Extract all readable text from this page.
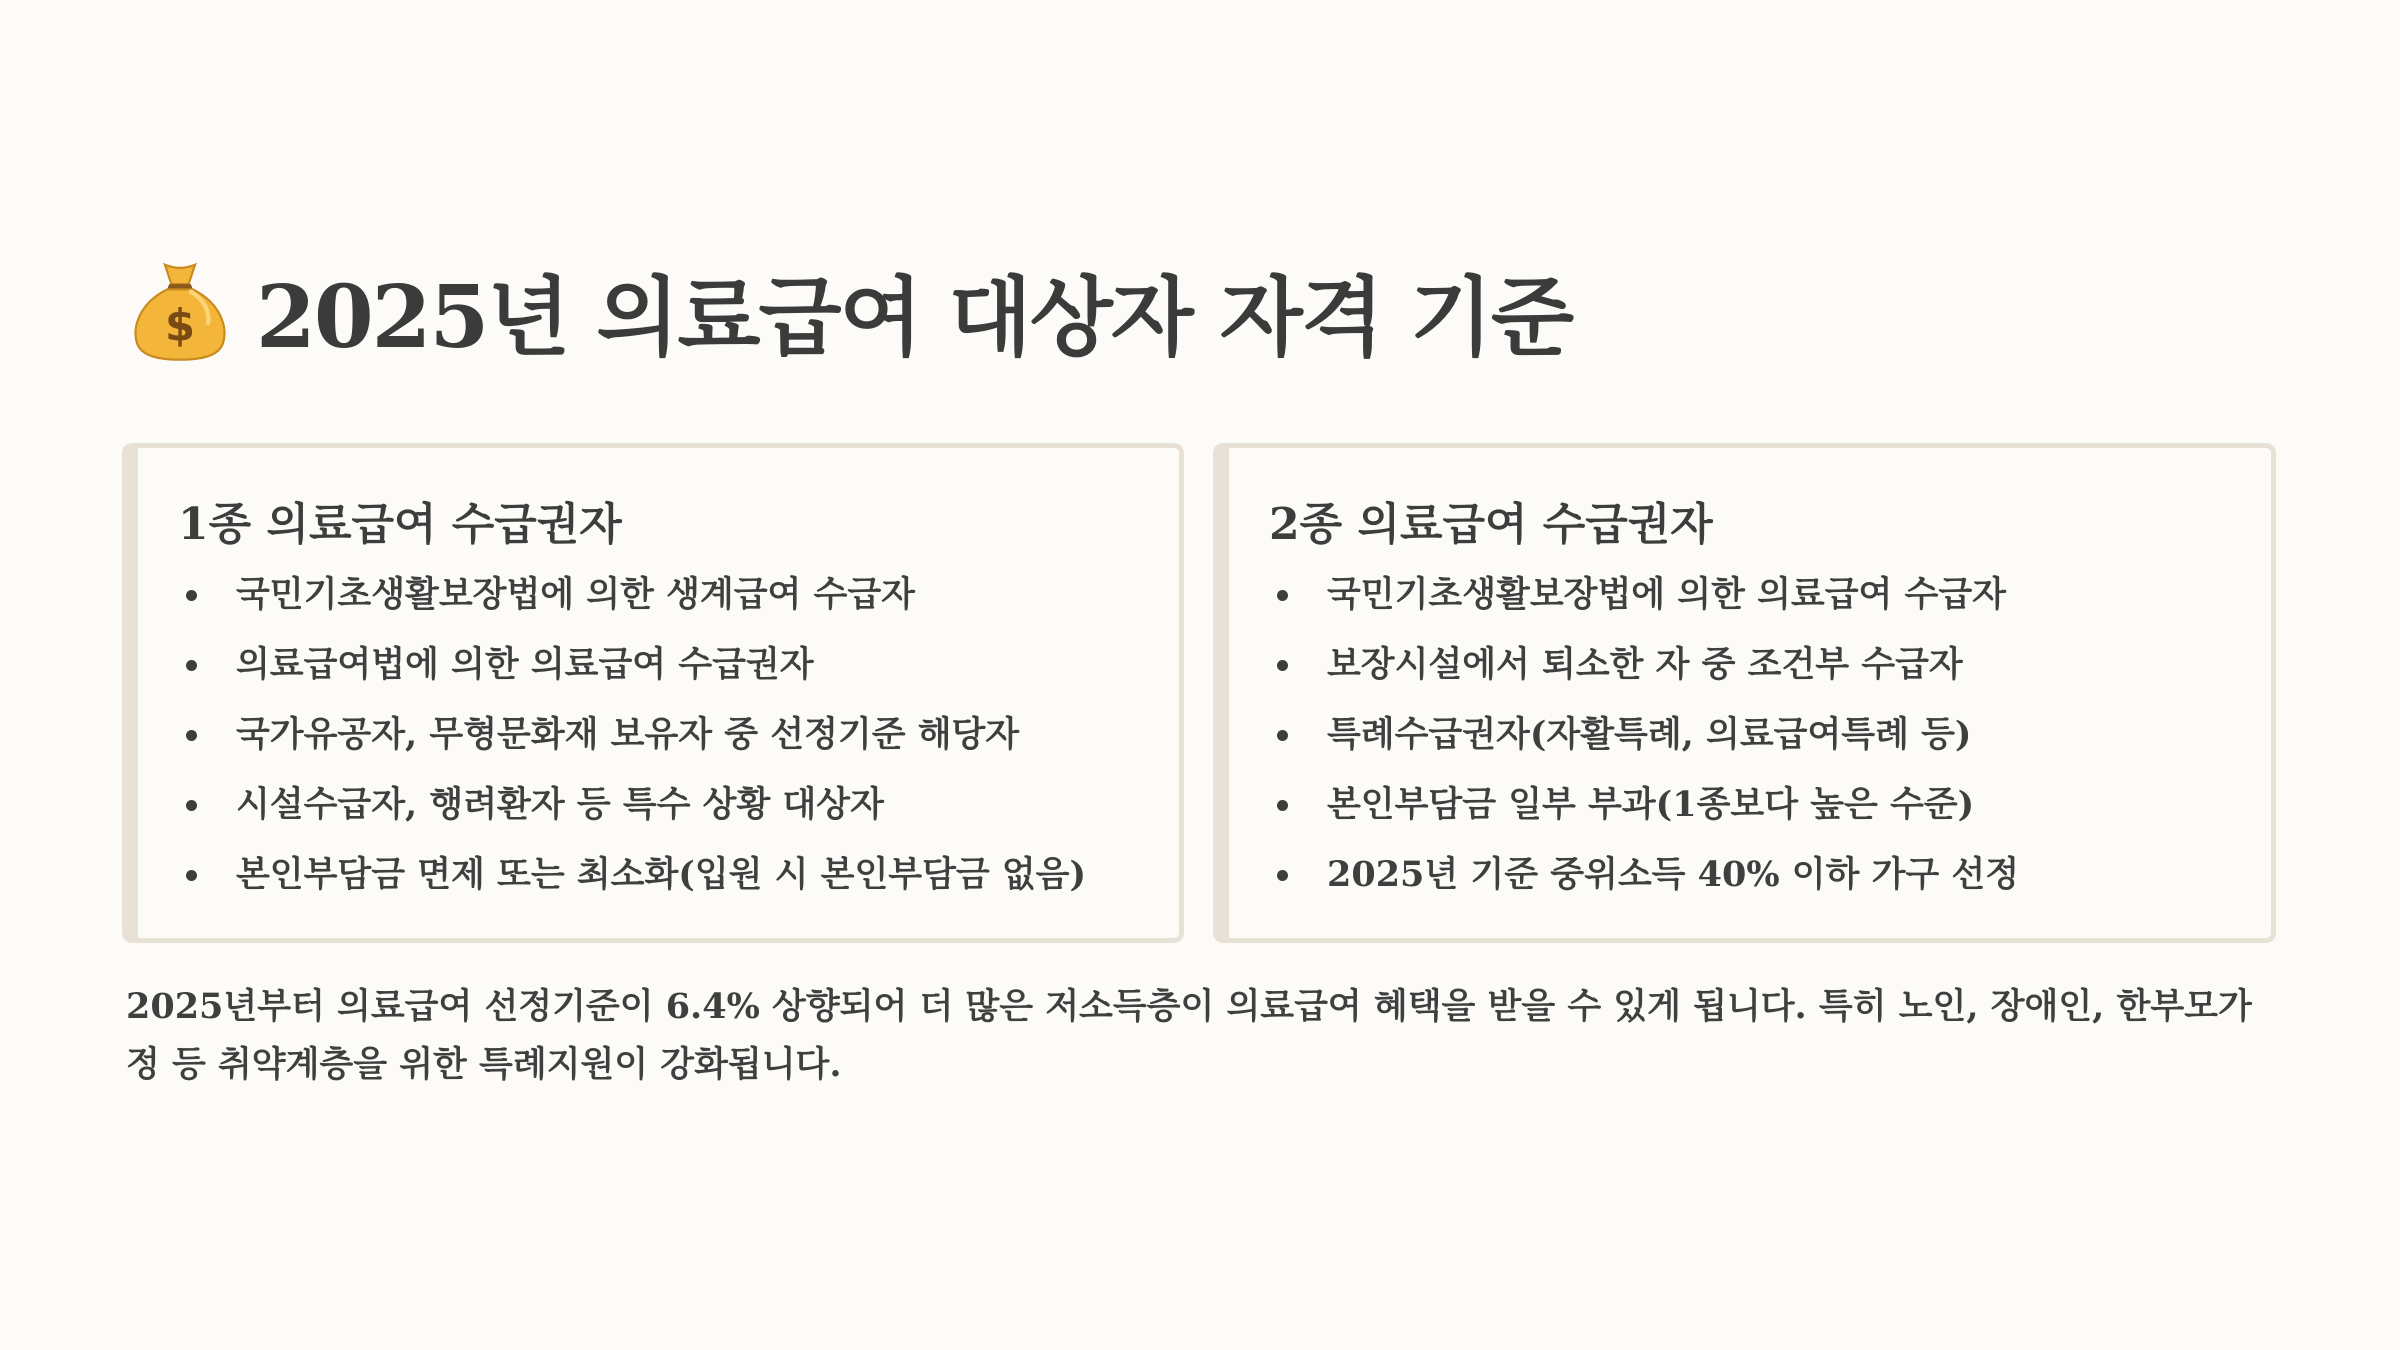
$ 2025년 의료급여 대상자 자격 기준
1종 의료급여 수급권자
국민기초생활보장법에 의한 생계급여 수급자
의료급여법에 의한 의료급여 수급권자
국가유공자, 무형문화재 보유자 중 선정기준 해당자
시설수급자, 행려환자 등 특수 상황 대상자
본인부담금 면제 또는 최소화(입원 시 본인부담금 없음)
2종 의료급여 수급권자
국민기초생활보장법에 의한 의료급여 수급자
보장시설에서 퇴소한 자 중 조건부 수급자
특례수급권자(자활특례, 의료급여특례 등)
본인부담금 일부 부과(1종보다 높은 수준)
2025년 기준 중위소득 40% 이하 가구 선정
2025년부터 의료급여 선정기준이 6.4% 상향되어 더 많은 저소득층이 의료급여 혜택을 받을 수 있게 됩니다. 특히 노인, 장애인, 한부모가정 등 취약계층을 위한 특례지원이 강화됩니다.
